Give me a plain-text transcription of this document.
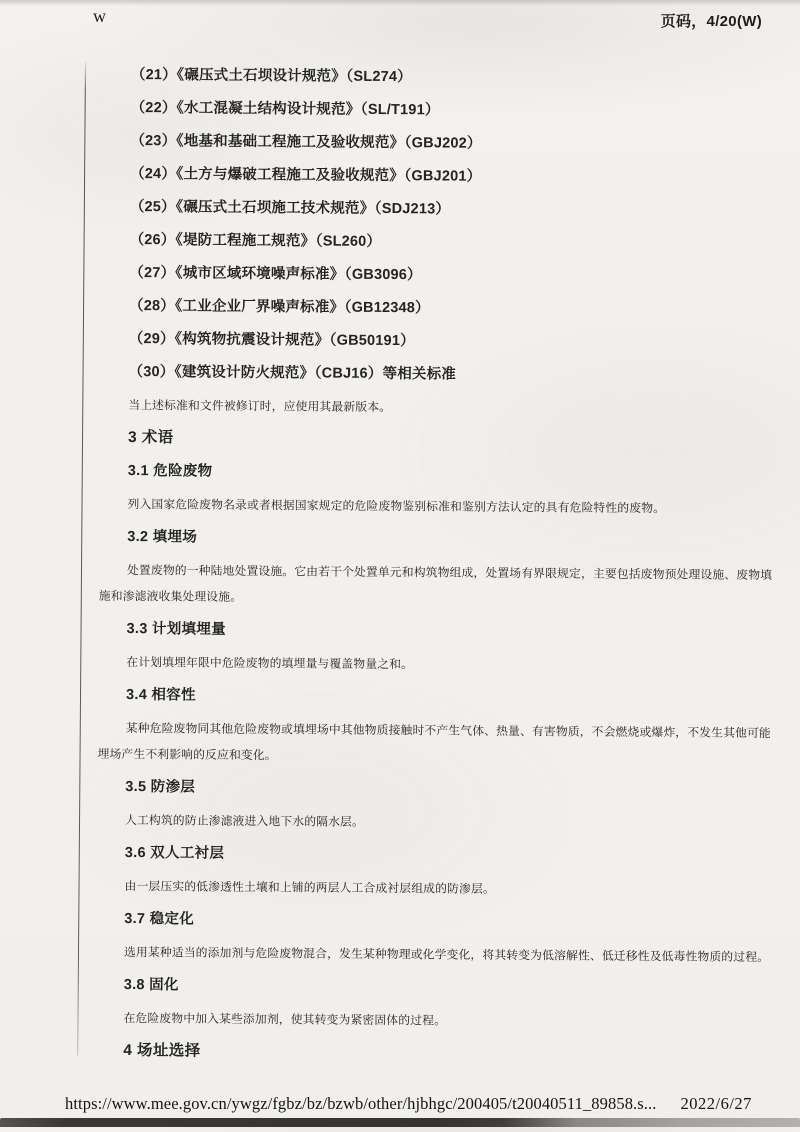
w	页码，4/20(W)
（21）《碾压式土石坝设计规范》（SL274）
（22）《水工混凝土结构设计规范》（SL/T191）
（23）《地基和基础工程施工及验收规范》（GBJ202）
（24）《土方与爆破工程施工及验收规范》（GBJ201）
（25）《碾压式土石坝施工技术规范》（SDJ213）
（26）《堤防工程施工规范》（SL260）
（27）《城市区域环境噪声标准》（GB3096）
（28）《工业企业厂界噪声标准》（GB12348）
（29）《构筑物抗震设计规范》（GB50191）
（30）《建筑设计防火规范》（CBJ16）等相关标准
当上述标准和文件被修订时，应使用其最新版本。
3 术语
3.1 危险废物
列入国家危险废物名录或者根据国家规定的危险废物鉴别标准和鉴别方法认定的具有危险特性的废物。
3.2 填埋场
处置废物的一种陆地处置设施。它由若干个处置单元和构筑物组成，处置场有界限规定，主要包括废物预处理设施、废物填
施和渗滤液收集处理设施。
3.3 计划填埋量
在计划填埋年限中危险废物的填埋量与覆盖物量之和。
3.4 相容性
某种危险废物同其他危险废物或填埋场中其他物质接触时不产生气体、热量、有害物质，不会燃烧或爆炸，不发生其他可能
埋场产生不利影响的反应和变化。
3.5 防渗层
人工构筑的防止渗滤液进入地下水的隔水层。
3.6 双人工衬层
由一层压实的低渗透性土壤和上铺的两层人工合成衬层组成的防渗层。
3.7 稳定化
选用某种适当的添加剂与危险废物混合，发生某种物理或化学变化，将其转变为低溶解性、低迁移性及低毒性物质的过程。
3.8 固化
在危险废物中加入某些添加剂，使其转变为紧密固体的过程。
4 场址选择
https://www.mee.gov.cn/ywgz/fgbz/bz/bzwb/other/hjbhgc/200405/t20040511_89858.s... 2022/6/27
